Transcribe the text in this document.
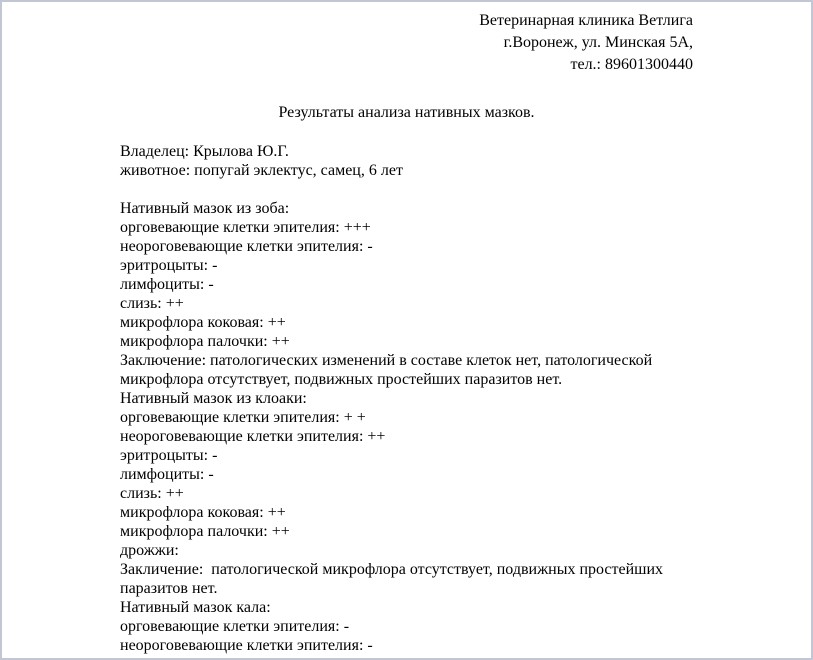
Ветеринарная клиника Ветлига
г.Воронеж, ул. Минская 5А,
тел.: 89601300440
Результаты анализа нативных мазков.
Владелец: Крылова Ю.Г.
животное: попугай эклектус, самец, 6 лет
Нативный мазок из зоба:
орговевающие клетки эпителия: +++
неороговевающие клетки эпителия: -
эритроцыты: -
лимфоциты: -
слизь: ++
микрофлора коковая: ++
микрофлора палочки: ++
Заключение: патологических изменений в составе клеток нет, патологической
микрофлора отсутствует, подвижных простейших паразитов нет.
Нативный мазок из клоаки:
орговевающие клетки эпителия: + +
неороговевающие клетки эпителия: ++
эритроцыты: -
лимфоциты: -
слизь: ++
микрофлора коковая: ++
микрофлора палочки: ++
дрожжи:
Закличение:  патологической микрофлора отсутствует, подвижных простейших
паразитов нет.
Нативный мазок кала:
орговевающие клетки эпителия: -
неороговевающие клетки эпителия: -
